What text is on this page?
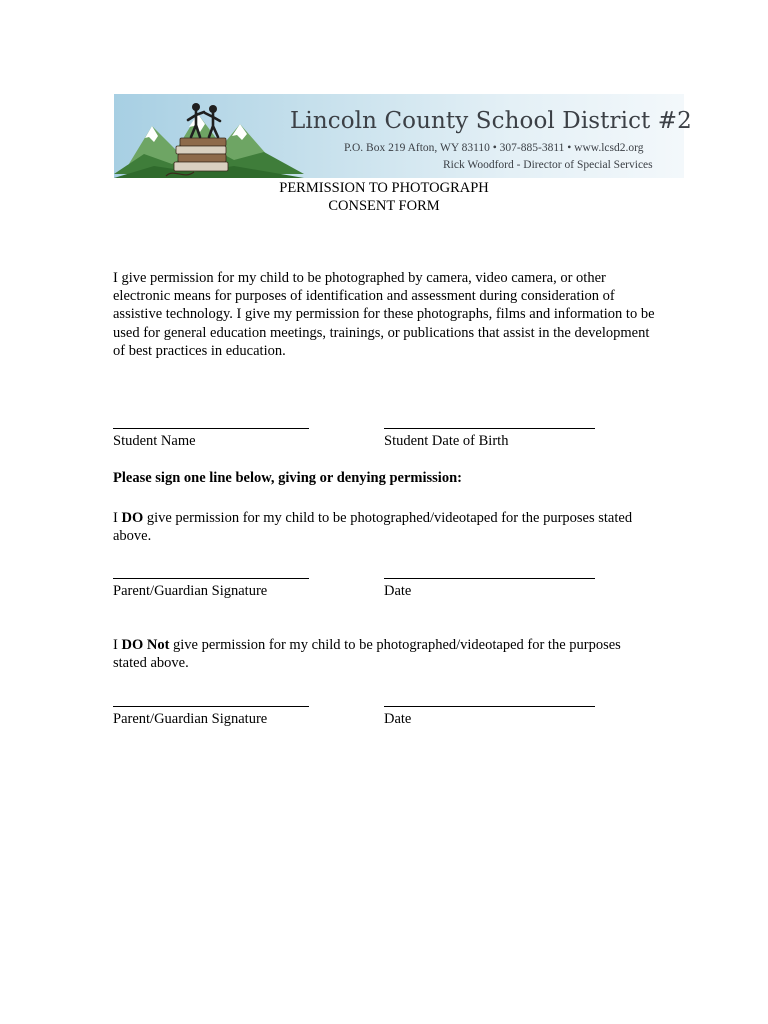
Lincoln County School District #2
P.O. Box 219 Afton, WY 83110 • 307-885-3811 • www.lcsd2.org
Rick Woodford - Director of Special Services
PERMISSION TO PHOTOGRAPH
CONSENT FORM
I give permission for my child to be photographed by camera, video camera, or other electronic means for purposes of identification and assessment during consideration of assistive technology. I give my permission for these photographs, films and information to be used for general education meetings, trainings, or publications that assist in the development of best practices in education.
Student Name	Student Date of Birth
Please sign one line below, giving or denying permission:
I DO give permission for my child to be photographed/videotaped for the purposes stated above.
Parent/Guardian Signature	Date
I DO Not give permission for my child to be photographed/videotaped for the purposes stated above.
Parent/Guardian Signature	Date
